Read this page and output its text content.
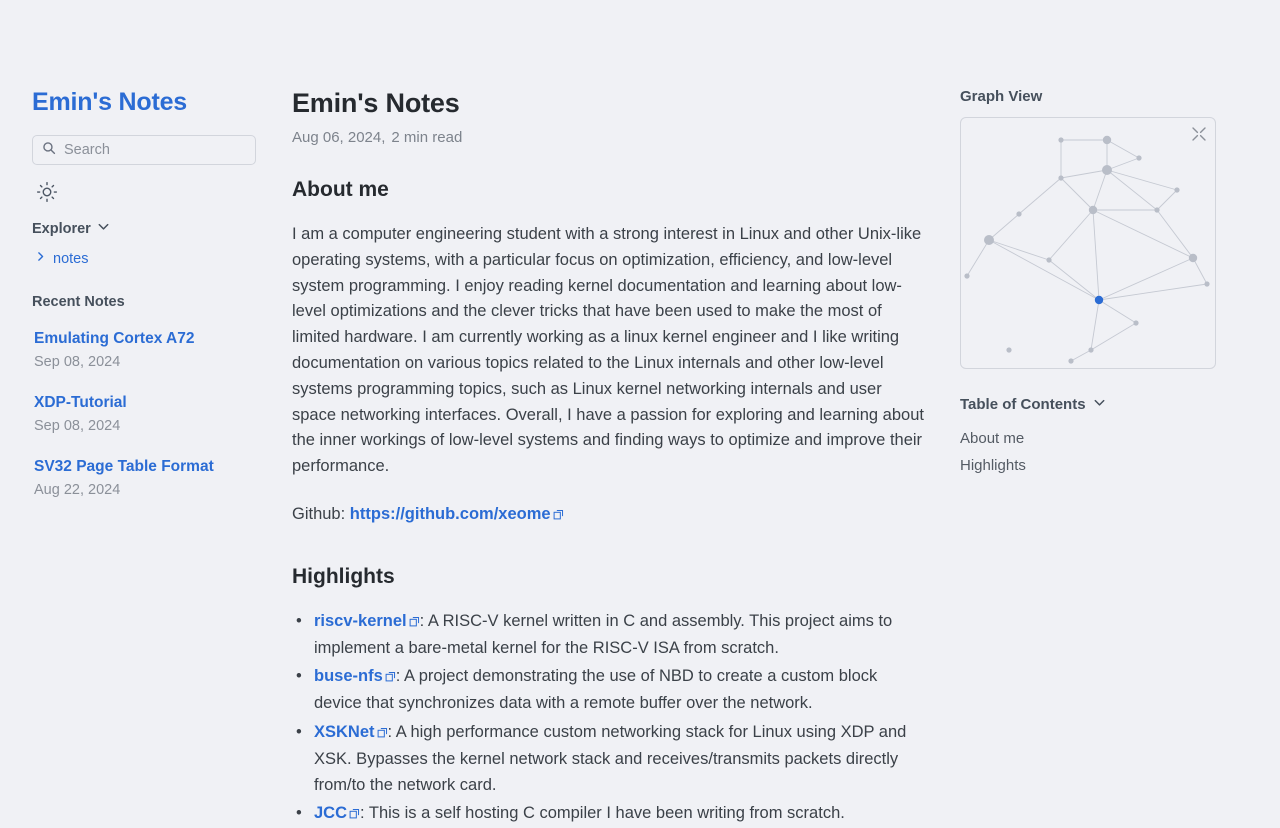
Emin's Notes
Search
Explorer
notes
Recent Notes
Emulating Cortex A72
Sep 08, 2024
XDP-Tutorial
Sep 08, 2024
SV32 Page Table Format
Aug 22, 2024
Emin's Notes
Aug 06, 2024, 2 min read
About me

I am a computer engineering student with a strong interest in Linux and other Unix-like operating systems, with a particular focus on optimization, efficiency, and low-level system programming. I enjoy reading kernel documentation and learning about low-level optimizations and the clever tricks that have been used to make the most of limited hardware. I am currently working as a linux kernel engineer and I like writing documentation on various topics related to the Linux internals and other low-level systems programming topics, such as Linux kernel networking internals and user space networking interfaces. Overall, I have a passion for exploring and learning about the inner workings of low-level systems and finding ways to optimize and improve their performance.

Github: https://github.com/xeome

Highlights
• riscv-kernel : A RISC-V kernel written in C and assembly. This project aims to implement a bare-metal kernel for the RISC-V ISA from scratch.
• buse-nfs : A project demonstrating the use of NBD to create a custom block device that synchronizes data with a remote buffer over the network.
• XSKNet : A high performance custom networking stack for Linux using XDP and XSK. Bypasses the kernel network stack and receives/transmits packets directly from/to the network card.
• JCC : This is a self hosting C compiler I have been writing from scratch.
Graph View
Table of Contents
About me
Highlights
